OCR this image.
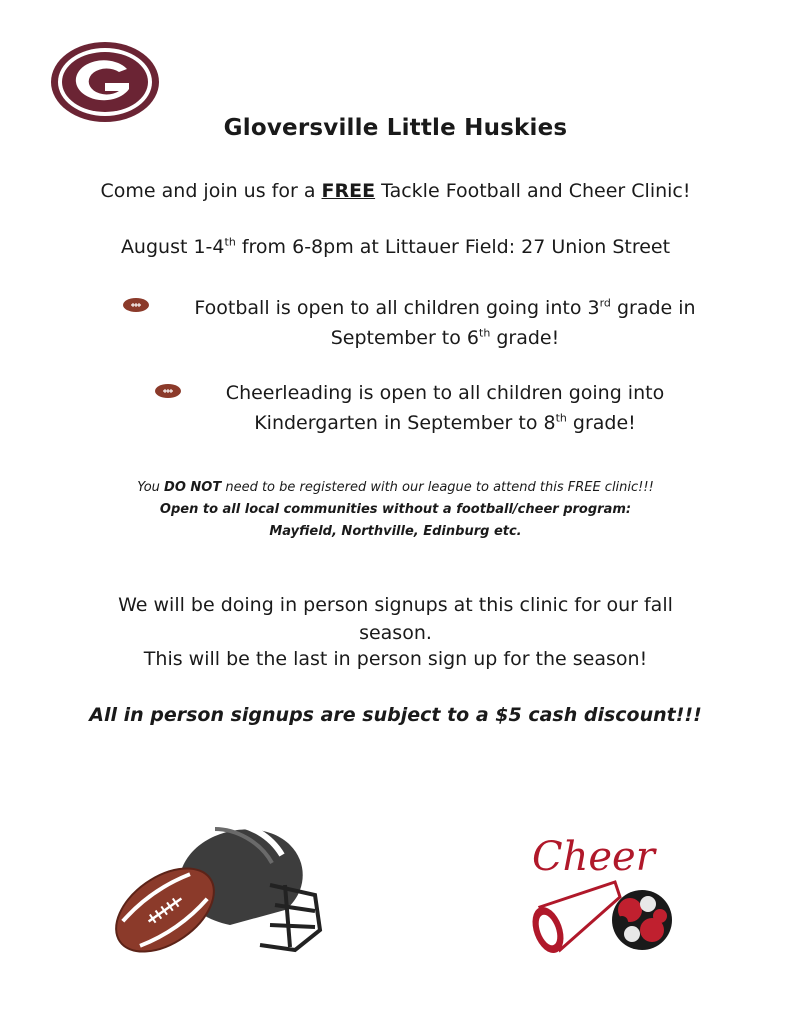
Gloversville Little Huskies
Come and join us for a FREE Tackle Football and Cheer Clinic!
August 1-4th from 6-8pm at Littauer Field: 27 Union Street
Football is open to all children going into 3rd grade in
September to 6th grade!
Cheerleading is open to all children going into
Kindergarten in September to 8th grade!
You DO NOT need to be registered with our league to attend this FREE clinic!!!
Open to all local communities without a football/cheer program:
Mayfield, Northville, Edinburg etc.
We will be doing in person signups at this clinic for our fall season.
This will be the last in person sign up for the season!
All in person signups are subject to a $5 cash discount!!!
Cheer
